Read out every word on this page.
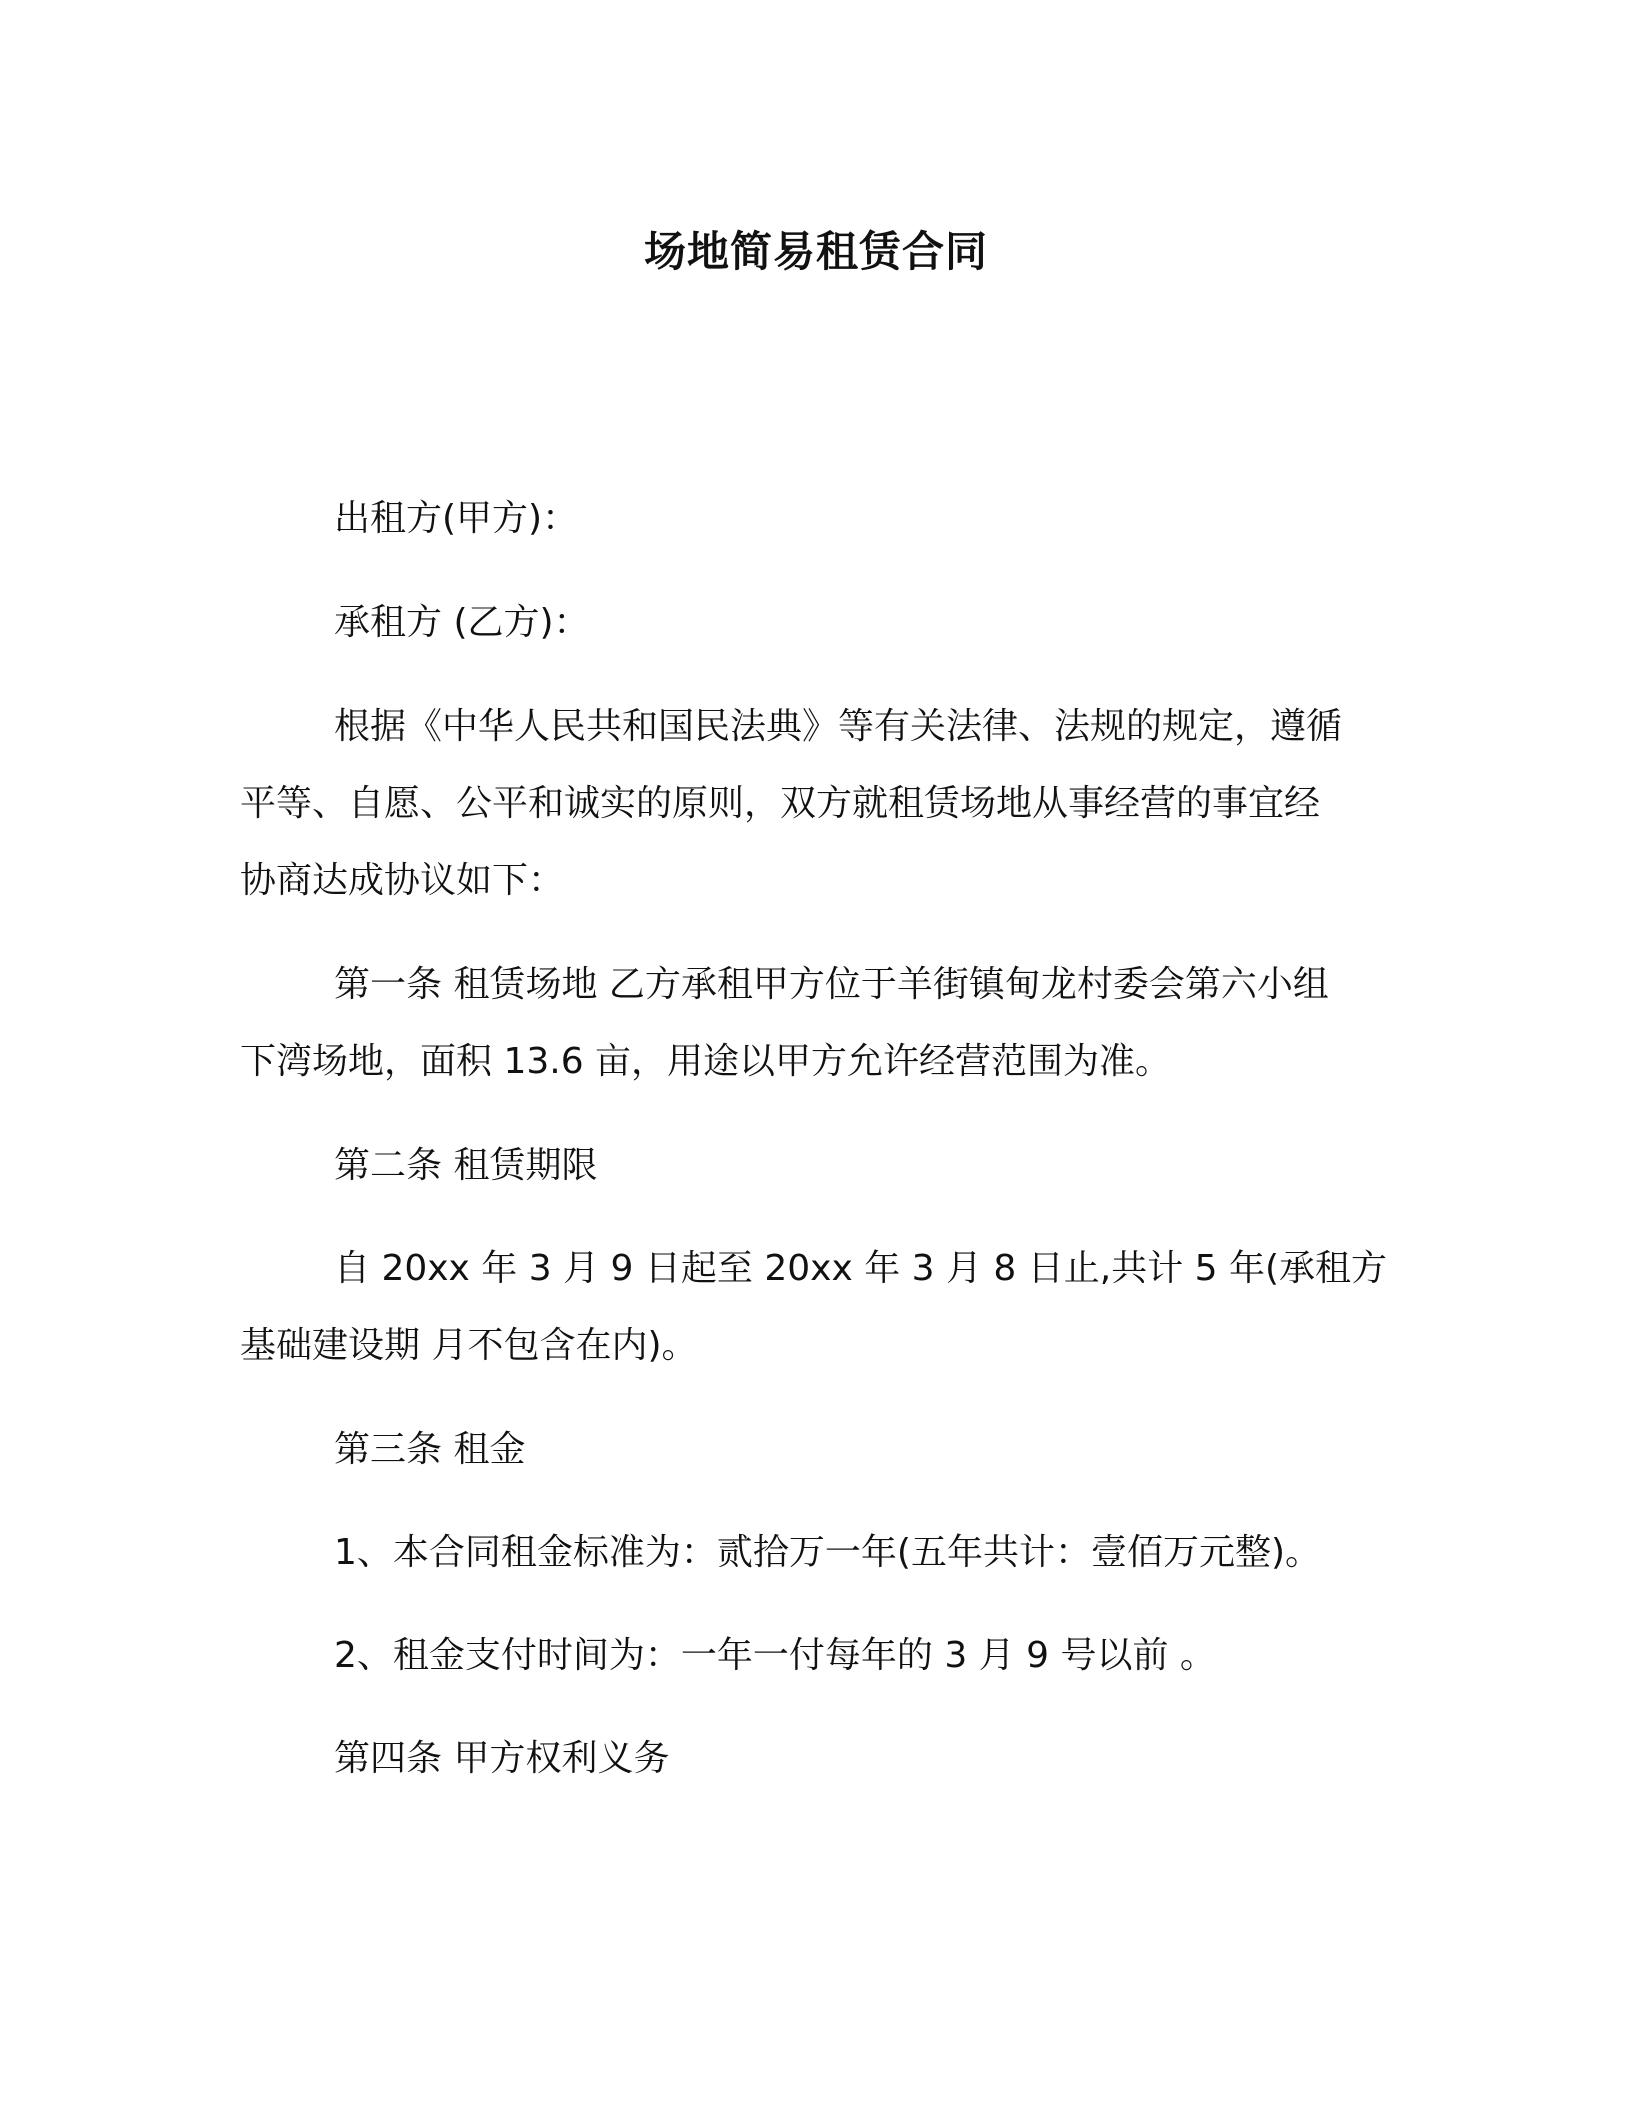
场地简易租赁合同
出租方(甲方)：
承租方 (乙方)：
根据《中华人民共和国民法典》等有关法律、法规的规定，遵循
平等、自愿、公平和诚实的原则，双方就租赁场地从事经营的事宜经
协商达成协议如下：
第一条 租赁场地 乙方承租甲方位于羊街镇甸龙村委会第六小组
下湾场地，面积 13.6 亩，用途以甲方允许经营范围为准。
第二条 租赁期限
自 20xx 年 3 月 9 日起至 20xx 年 3 月 8 日止,共计 5 年(承租方
基础建设期 月不包含在内)。
第三条 租金
1、本合同租金标准为：贰拾万一年(五年共计：壹佰万元整)。
2、租金支付时间为：一年一付每年的 3 月 9 号以前 。
第四条 甲方权利义务
